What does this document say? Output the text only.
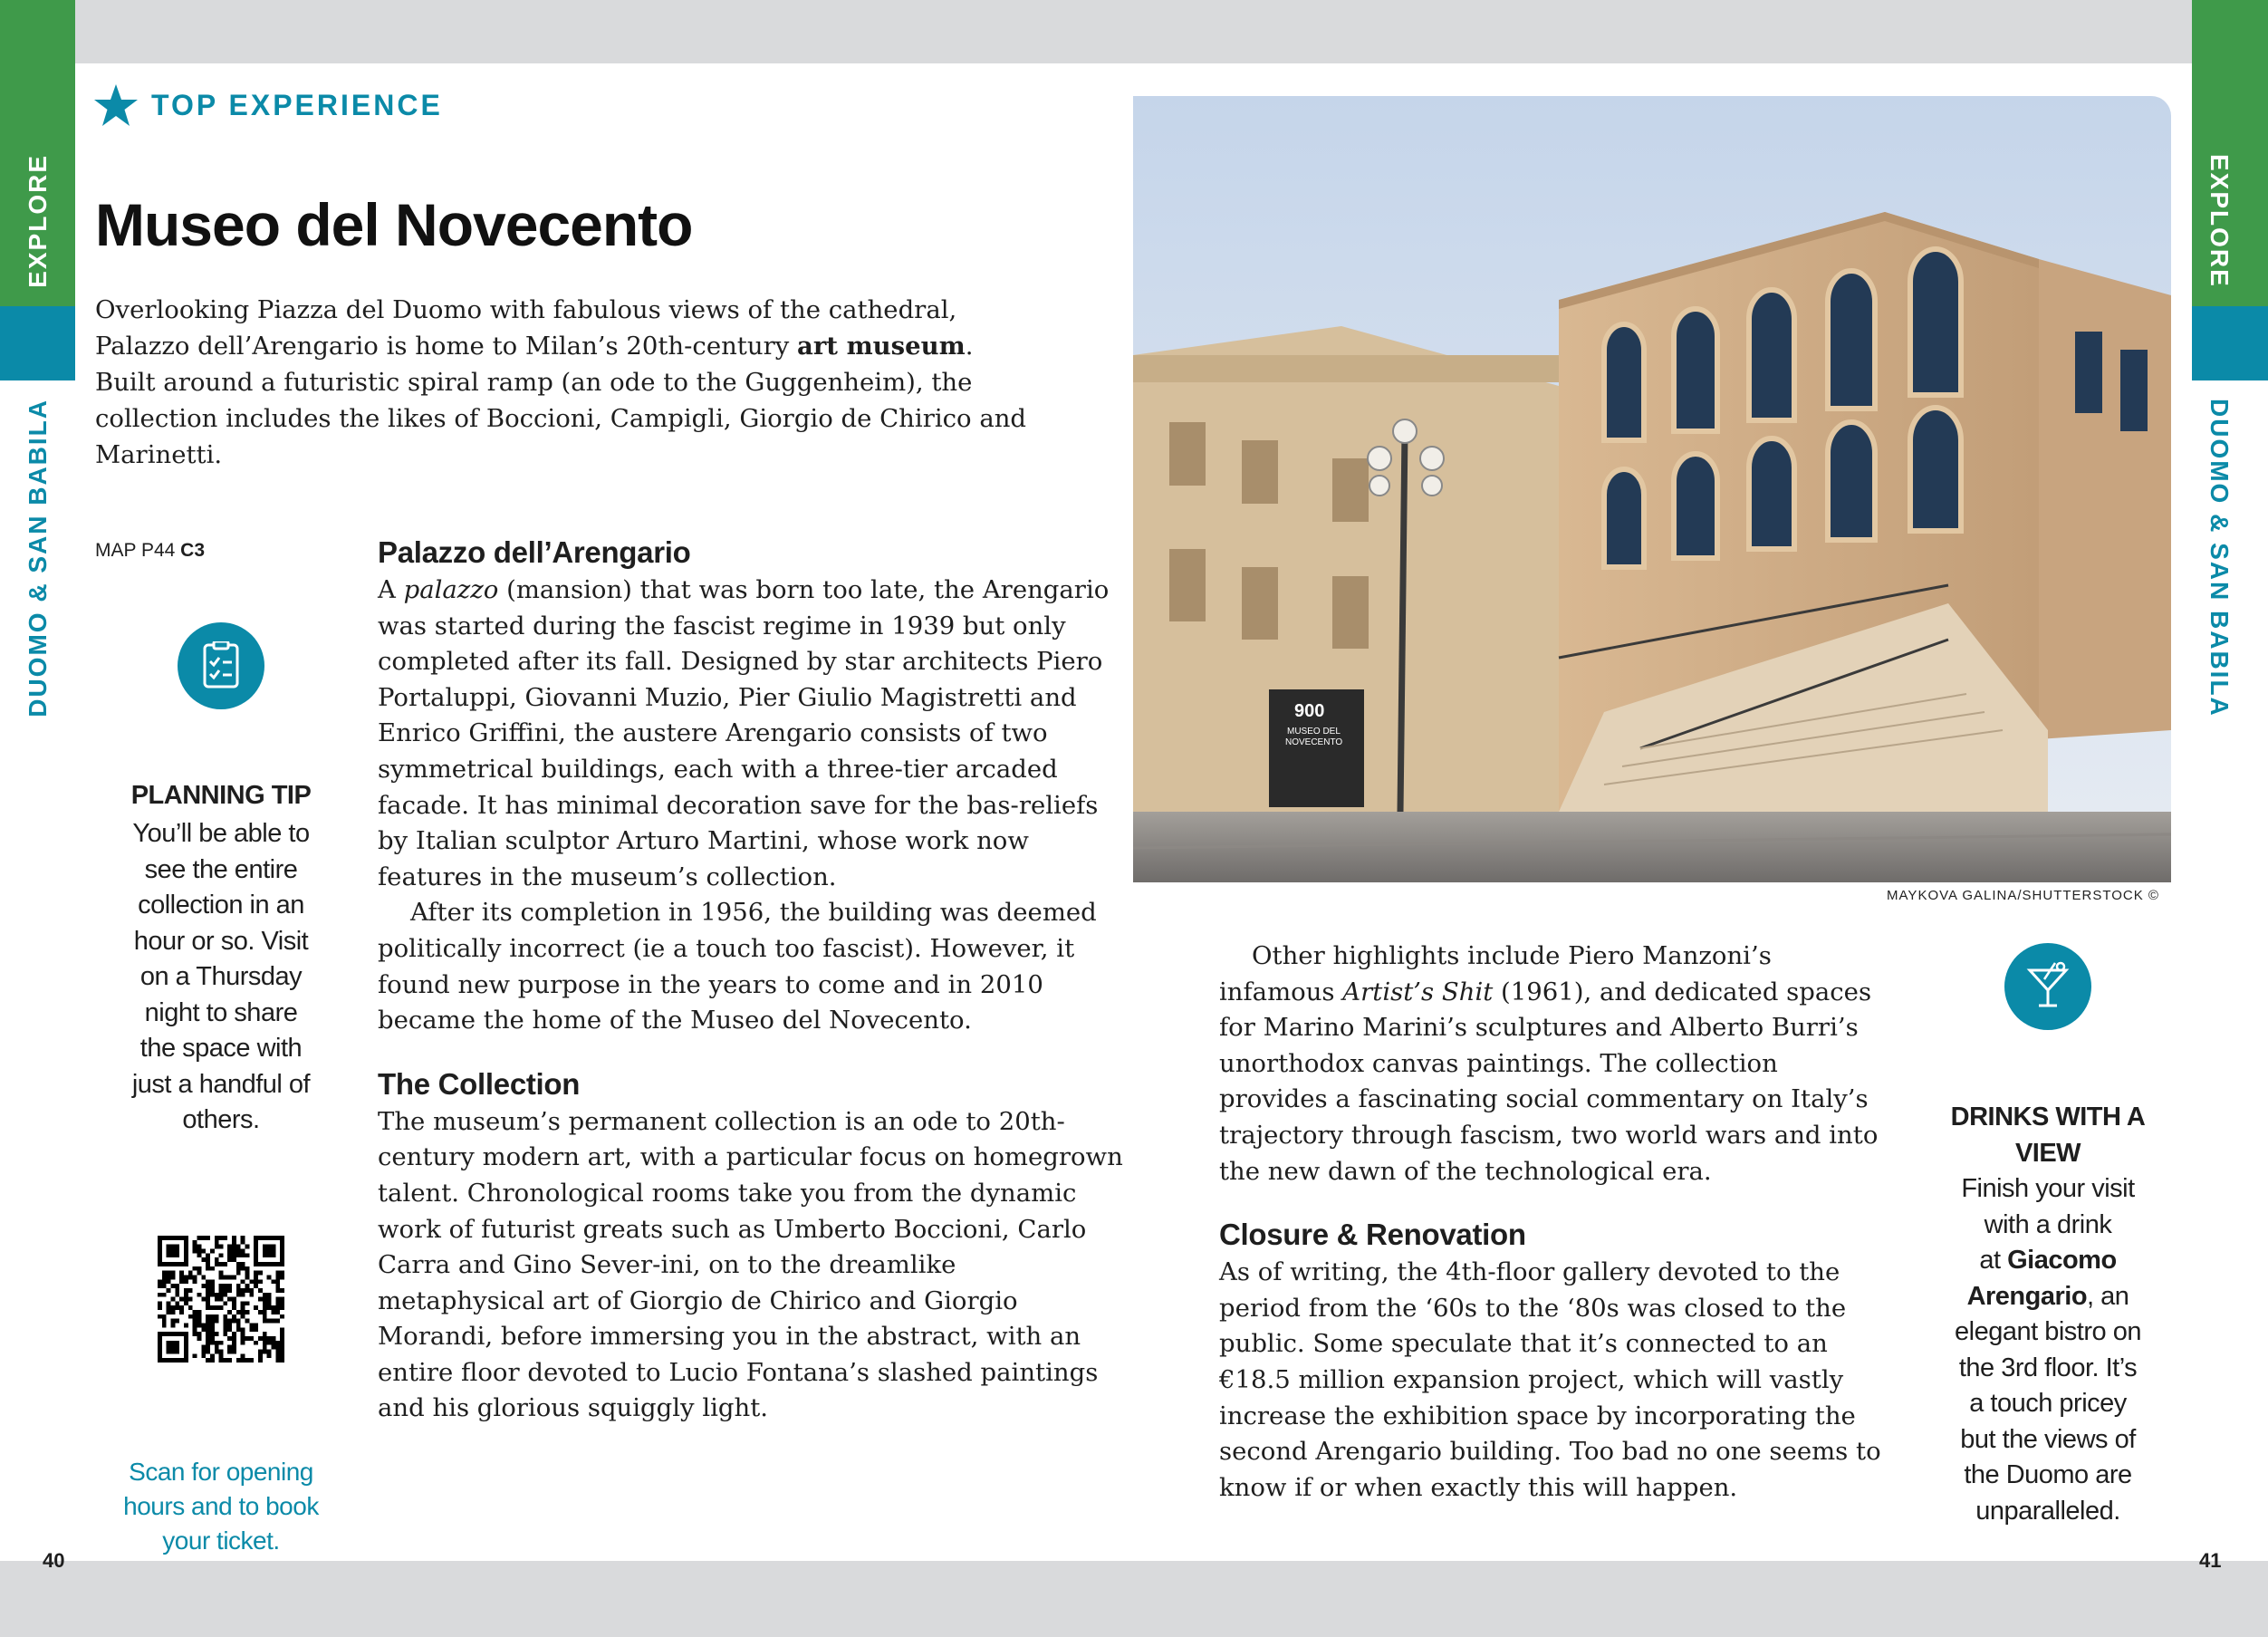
EXPLORE
DUOMO & SAN BABILA
EXPLORE
DUOMO & SAN BABILA
TOP EXPERIENCE
Museo del Novecento

Overlooking Piazza del Duomo with fabulous views of the cathedral, Palazzo dell’Arengario is home to Milan’s 20th-century art museum. Built around a futuristic spiral ramp (an ode to the Guggenheim), the collection includes the likes of Boccioni, Campigli, Giorgio de Chirico and Marinetti.

MAP P44 C3
PLANNING TIP
You’ll be able to
see the entire
collection in an
hour or so. Visit
on a Thursday
night to share
the space with
just a handful of
others.
Scan for opening
hours and to book
your ticket.
Palazzo dell’Arengario

A palazzo (mansion) that was born too late, the Arengario was started during the fascist regime in 1939 but only completed after its fall. Designed by star architects Piero Portaluppi, Giovanni Muzio, Pier Giulio Magistretti and Enrico Griffini, the austere Arengario consists of two symmetrical buildings, each with a three-tier arcaded facade. It has minimal decoration save for the bas-reliefs by Italian sculptor Arturo Martini, whose work now features in the museum’s collection.

After its completion in 1956, the building was deemed politically incorrect (ie a touch too fascist). However, it found new purpose in the years to come and in 2010 became the home of the Museo del Novecento.

The Collection

The museum’s permanent collection is an ode to 20th-century modern art, with a particular focus on homegrown talent. Chronological rooms take you from the dynamic work of futurist greats such as Umberto Boccioni, Carlo Carra and Gino Sever-ini, on to the dreamlike metaphysical art of Giorgio de Chirico and Giorgio Morandi, before immersing you in the abstract, with an entire floor devoted to Lucio Fontana’s slashed paintings and his glorious squiggly light.

900
MUSEO DEL
NOVECENTO
MAYKOVA GALINA/SHUTTERSTOCK ©

Other highlights include Piero Manzoni’s infamous Artist’s Shit (1961), and dedicated spaces for Marino Marini’s sculptures and Alberto Burri’s unorthodox canvas paintings. The collection provides a fascinating social commentary on Italy’s trajectory through fascism, two world wars and into the new dawn of the technological era.

Closure & Renovation

As of writing, the 4th-floor gallery devoted to the period from the ‘60s to the ‘80s was closed to the public. Some speculate that it’s connected to an €18.5 million expansion project, which will vastly increase the exhibition space by incorporating the second Arengario building. Too bad no one seems to know if or when exactly this will happen.

DRINKS WITH A
VIEW
Finish your visit
with a drink
at Giacomo
Arengario, an
elegant bistro on
the 3rd floor. It’s
a touch pricey
but the views of
the Duomo are
unparalleled.
40	41
